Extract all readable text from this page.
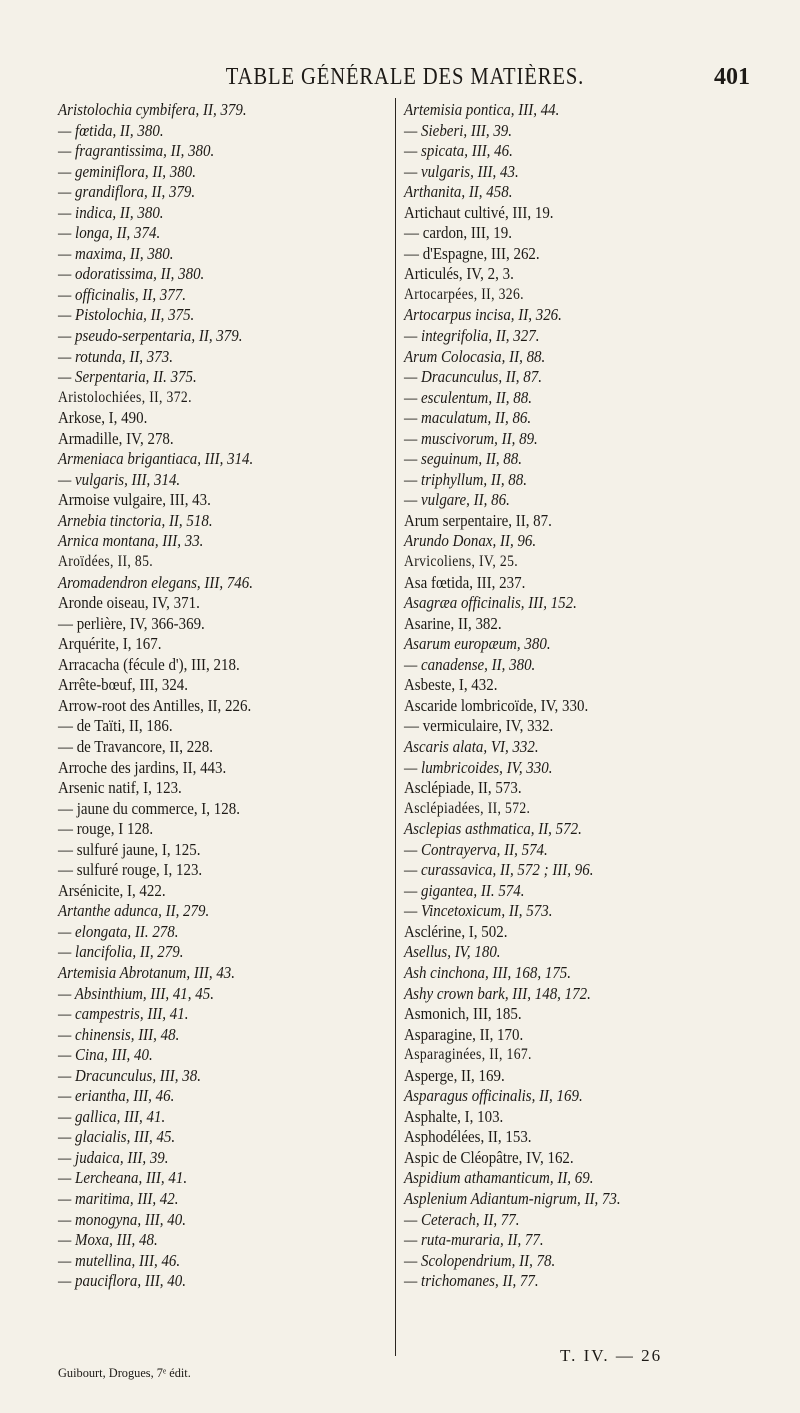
TABLE GÉNÉRALE DES MATIÈRES.	401
Aristolochia cymbifera, II, 379.
— fœtida, II, 380.
— fragrantissima, II, 380.
— geminiflora, II, 380.
— grandiflora, II, 379.
— indica, II, 380.
— longa, II, 374.
— maxima, II, 380.
— odoratissima, II, 380.
— officinalis, II, 377.
— Pistolochia, II, 375.
— pseudo-serpentaria, II, 379.
— rotunda, II, 373.
— Serpentaria, II. 375.
Aristolochiées, II, 372.
Arkose, I, 490.
Armadille, IV, 278.
Armeniaca brigantiaca, III, 314.
— vulgaris, III, 314.
Armoise vulgaire, III, 43.
Arnebia tinctoria, II, 518.
Arnica montana, III, 33.
Aroïdées, II, 85.
Aromadendron elegans, III, 746.
Aronde oiseau, IV, 371.
— perlière, IV, 366-369.
Arquérite, I, 167.
Arracacha (fécule d'), III, 218.
Arrête-bœuf, III, 324.
Arrow-root des Antilles, II, 226.
— de Taïti, II, 186.
— de Travancore, II, 228.
Arroche des jardins, II, 443.
Arsenic natif, I, 123.
— jaune du commerce, I, 128.
— rouge, I 128.
— sulfuré jaune, I, 125.
— sulfuré rouge, I, 123.
Arsénicite, I, 422.
Artanthe adunca, II, 279.
— elongata, II. 278.
— lancifolia, II, 279.
Artemisia Abrotanum, III, 43.
— Absinthium, III, 41, 45.
— campestris, III, 41.
— chinensis, III, 48.
— Cina, III, 40.
— Dracunculus, III, 38.
— eriantha, III, 46.
— gallica, III, 41.
— glacialis, III, 45.
— judaica, III, 39.
— Lercheana, III, 41.
— maritima, III, 42.
— monogyna, III, 40.
— Moxa, III, 48.
— mutellina, III, 46.
— pauciflora, III, 40.
Artemisia pontica, III, 44.
— Sieberi, III, 39.
— spicata, III, 46.
— vulgaris, III, 43.
Arthanita, II, 458.
Artichaut cultivé, III, 19.
— cardon, III, 19.
— d'Espagne, III, 262.
Articulés, IV, 2, 3.
Artocarpées, II, 326.
Artocarpus incisa, II, 326.
— integrifolia, II, 327.
Arum Colocasia, II, 88.
— Dracunculus, II, 87.
— esculentum, II, 88.
— maculatum, II, 86.
— muscivorum, II, 89.
— seguinum, II, 88.
— triphyllum, II, 88.
— vulgare, II, 86.
Arum serpentaire, II, 87.
Arundo Donax, II, 96.
Arvicoliens, IV, 25.
Asa fœtida, III, 237.
Asagræa officinalis, III, 152.
Asarine, II, 382.
Asarum europæum, 380.
— canadense, II, 380.
Asbeste, I, 432.
Ascaride lombricoïde, IV, 330.
— vermiculaire, IV, 332.
Ascaris alata, VI, 332.
— lumbricoides, IV, 330.
Asclépiade, II, 573.
Asclépiadées, II, 572.
Asclepias asthmatica, II, 572.
— Contrayerva, II, 574.
— curassavica, II, 572 ; III, 96.
— gigantea, II. 574.
— Vincetoxicum, II, 573.
Asclérine, I, 502.
Asellus, IV, 180.
Ash cinchona, III, 168, 175.
Ashy crown bark, III, 148, 172.
Asmonich, III, 185.
Asparagine, II, 170.
Asparaginées, II, 167.
Asperge, II, 169.
Asparagus officinalis, II, 169.
Asphalte, I, 103.
Asphodélées, II, 153.
Aspic de Cléopâtre, IV, 162.
Aspidium athamanticum, II, 69.
Asplenium Adiantum-nigrum, II, 73.
— Ceterach, II, 77.
— ruta-muraria, II, 77.
— Scolopendrium, II, 78.
— trichomanes, II, 77.
Guibourt, Drogues, 7ᵉ édit.
T. IV. — 26
